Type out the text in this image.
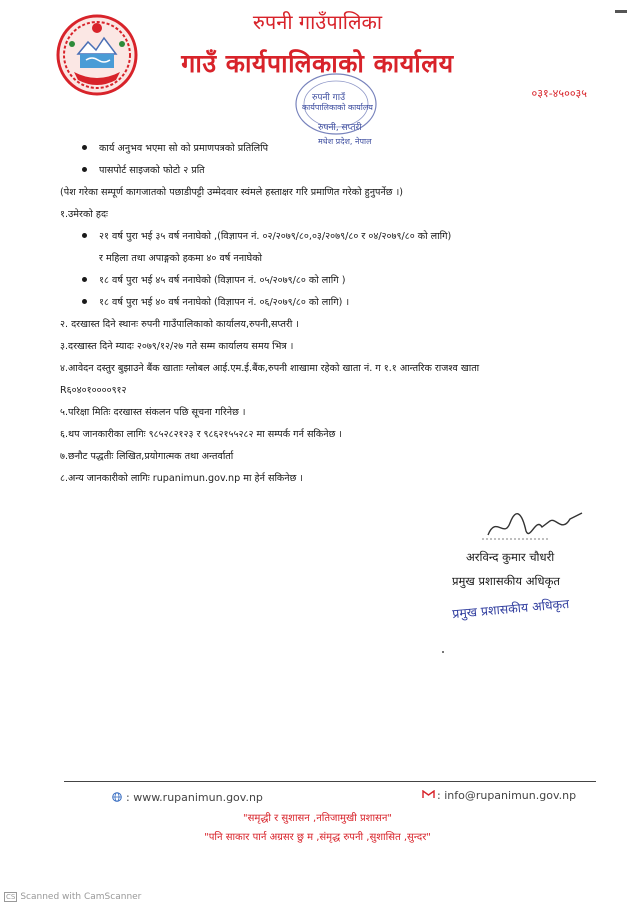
रुपनी गाउँपालिका
गाउँ कार्यपालिकाको कार्यालय
०३१-४५००३५
रुपनी गाउँ
कार्यपालिकाको कार्यालय
रुपनी, सप्तरी
मधेश प्रदेश, नेपाल
कार्य अनुभव भएमा सो को प्रमाणपत्रको प्रतिलिपि
पासपोर्ट साइजको फोटो २ प्रति
(पेश गरेका सम्पूर्ण कागजातको पछाडीपट्टी उम्मेदवार स्वंमले हस्ताक्षर गरि प्रमाणित गरेको हुनुपर्नेछ ।)
१.उमेरको हदः
२१ वर्ष पुरा भई ३५ वर्ष ननाघेको ,(विज्ञापन नं. ०२/२०७९/८०,०३/२०७९/८० र ०४/२०७९/८० को लागि)
र महिला तथा अपाङ्गको हकमा ४० वर्ष ननाघेको
१८ वर्ष पुरा भई ४५ वर्ष ननाघेको (विज्ञापन नं. ०५/२०७९/८० को लागि )
१८ वर्ष पुरा भई ४० वर्ष ननाघेको (विज्ञापन नं. ०६/२०७९/८० को लागि) ।
२. दरखास्त दिने स्थानः रुपनी गाउँपालिकाको कार्यालय,रुपनी,सप्तरी ।
३.दरखास्त दिने म्यादः २०७९/१२/२७ गते सम्म कार्यालय समय भित्र ।
४.आवेदन दस्तुर बुझाउने बैंक खाताः ग्लोबल आई.एम.ई.बैंक,रुपनी शाखामा रहेको खाता नं. ग १.१ आन्तरिक राजश्व खाता
R६०४०१००००९१२
५.परिक्षा मितिः दरखास्त संकलन पछि सूचना गरिनेछ ।
६.थप जानकारीका लागिः ९८५२८२१२३ र ९८६२१५५२८२ मा सम्पर्क गर्न सकिनेछ ।
७.छनौट पद्धतीः लिखित,प्रयोगात्मक तथा अन्तर्वार्ता
८.अन्य जानकारीको लागिः rupanimun.gov.np मा हेर्न सकिनेछ ।
अरविन्द कुमार चौधरी
प्रमुख प्रशासकीय अधिकृत
प्रमुख प्रशासकीय अधिकृत
: www.rupanimun.gov.np	: info@rupanimun.gov.np
"समृद्धी र सुशासन ,नतिजामुखी प्रशासन"
"पनि साकार पार्न अग्रसर छु म ,संमृद्ध रुपनी ,सुशासित ,सुन्दर"
CS Scanned with CamScanner
